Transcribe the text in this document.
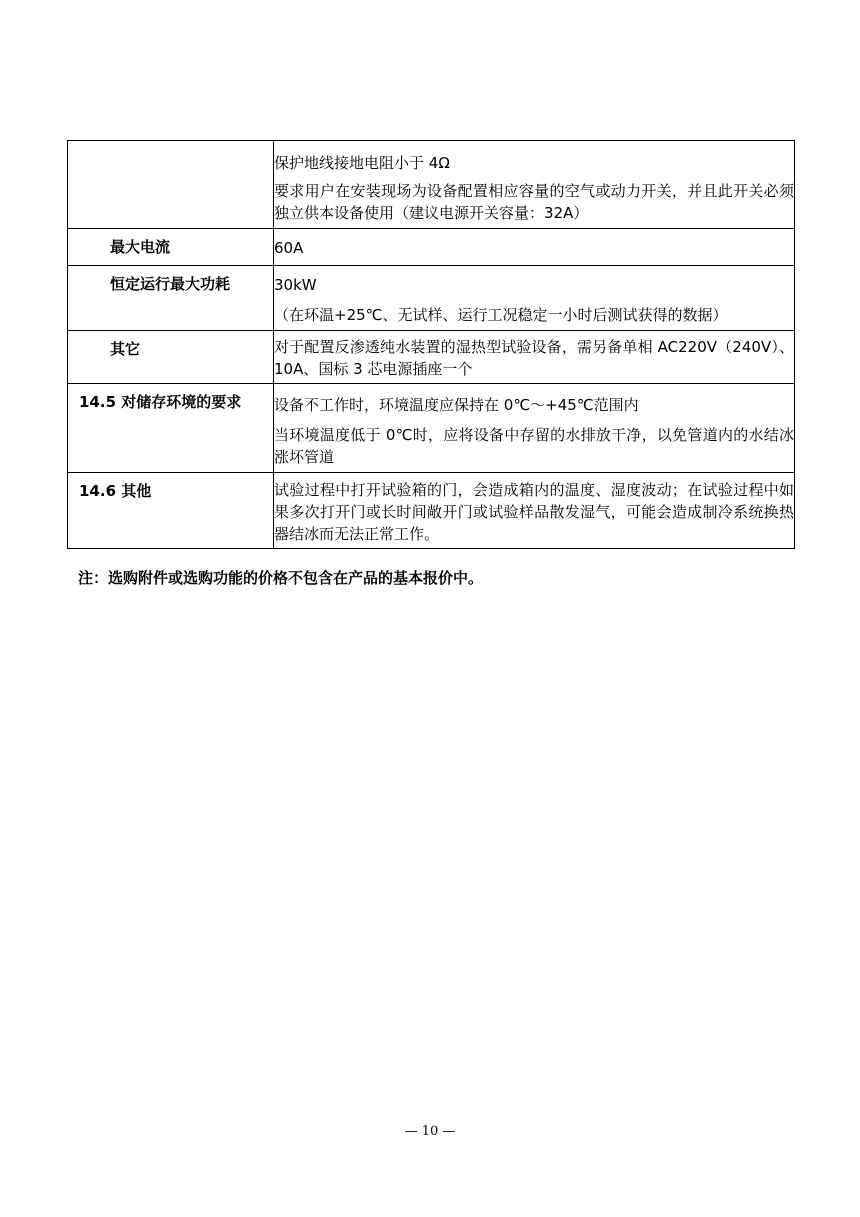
	保护地线接地电阻小于 4Ω

要求用户在安装现场为设备配置相应容量的空气或动力开关，并且此开关必须独立供本设备使用（建议电源开关容量：32A）

最大电流	60A

恒定运行最大功耗	30kW

（在环温+25℃、无试样、运行工况稳定一小时后测试获得的数据）

其它	对于配置反渗透纯水装置的湿热型试验设备，需另备单相 AC220V（240V）、10A、国标 3 芯电源插座一个

14.5 对储存环境的要求	设备不工作时，环境温度应保持在 0℃～+45℃范围内

当环境温度低于 0℃时，应将设备中存留的水排放干净，以免管道内的水结冰涨坏管道

14.6 其他	试验过程中打开试验箱的门，会造成箱内的温度、湿度波动；在试验过程中如果多次打开门或长时间敞开门或试验样品散发湿气，可能会造成制冷系统换热器结冰而无法正常工作。

注：选购附件或选购功能的价格不包含在产品的基本报价中。
— 10 —
